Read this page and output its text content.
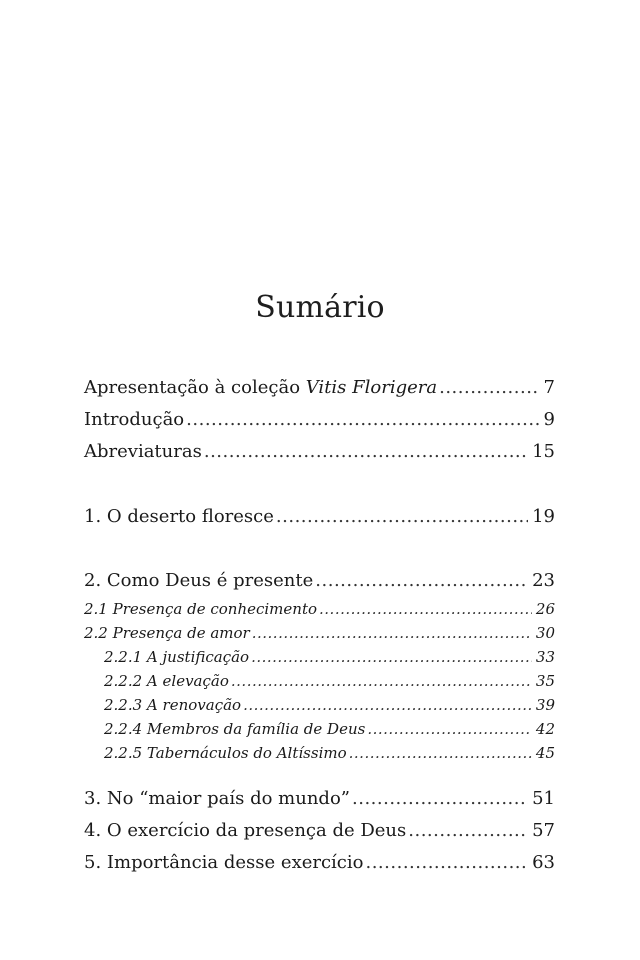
Sumário
Apresentação à coleção Vitis Florigera .....	7
Introdução .....	9
Abreviaturas .....	15
1. O deserto floresce .....	19
2. Como Deus é presente .....	23
2.1 Presença de conhecimento .....	26
2.2 Presença de amor .....	30
2.2.1 A justificação .....	33
2.2.2 A elevação .....	35
2.2.3 A renovação .....	39
2.2.4 Membros da família de Deus .....	42
2.2.5 Tabernáculos do Altíssimo .....	45
3. No “maior país do mundo” .....	51
4. O exercício da presença de Deus .....	57
5. Importância desse exercício .....	63
